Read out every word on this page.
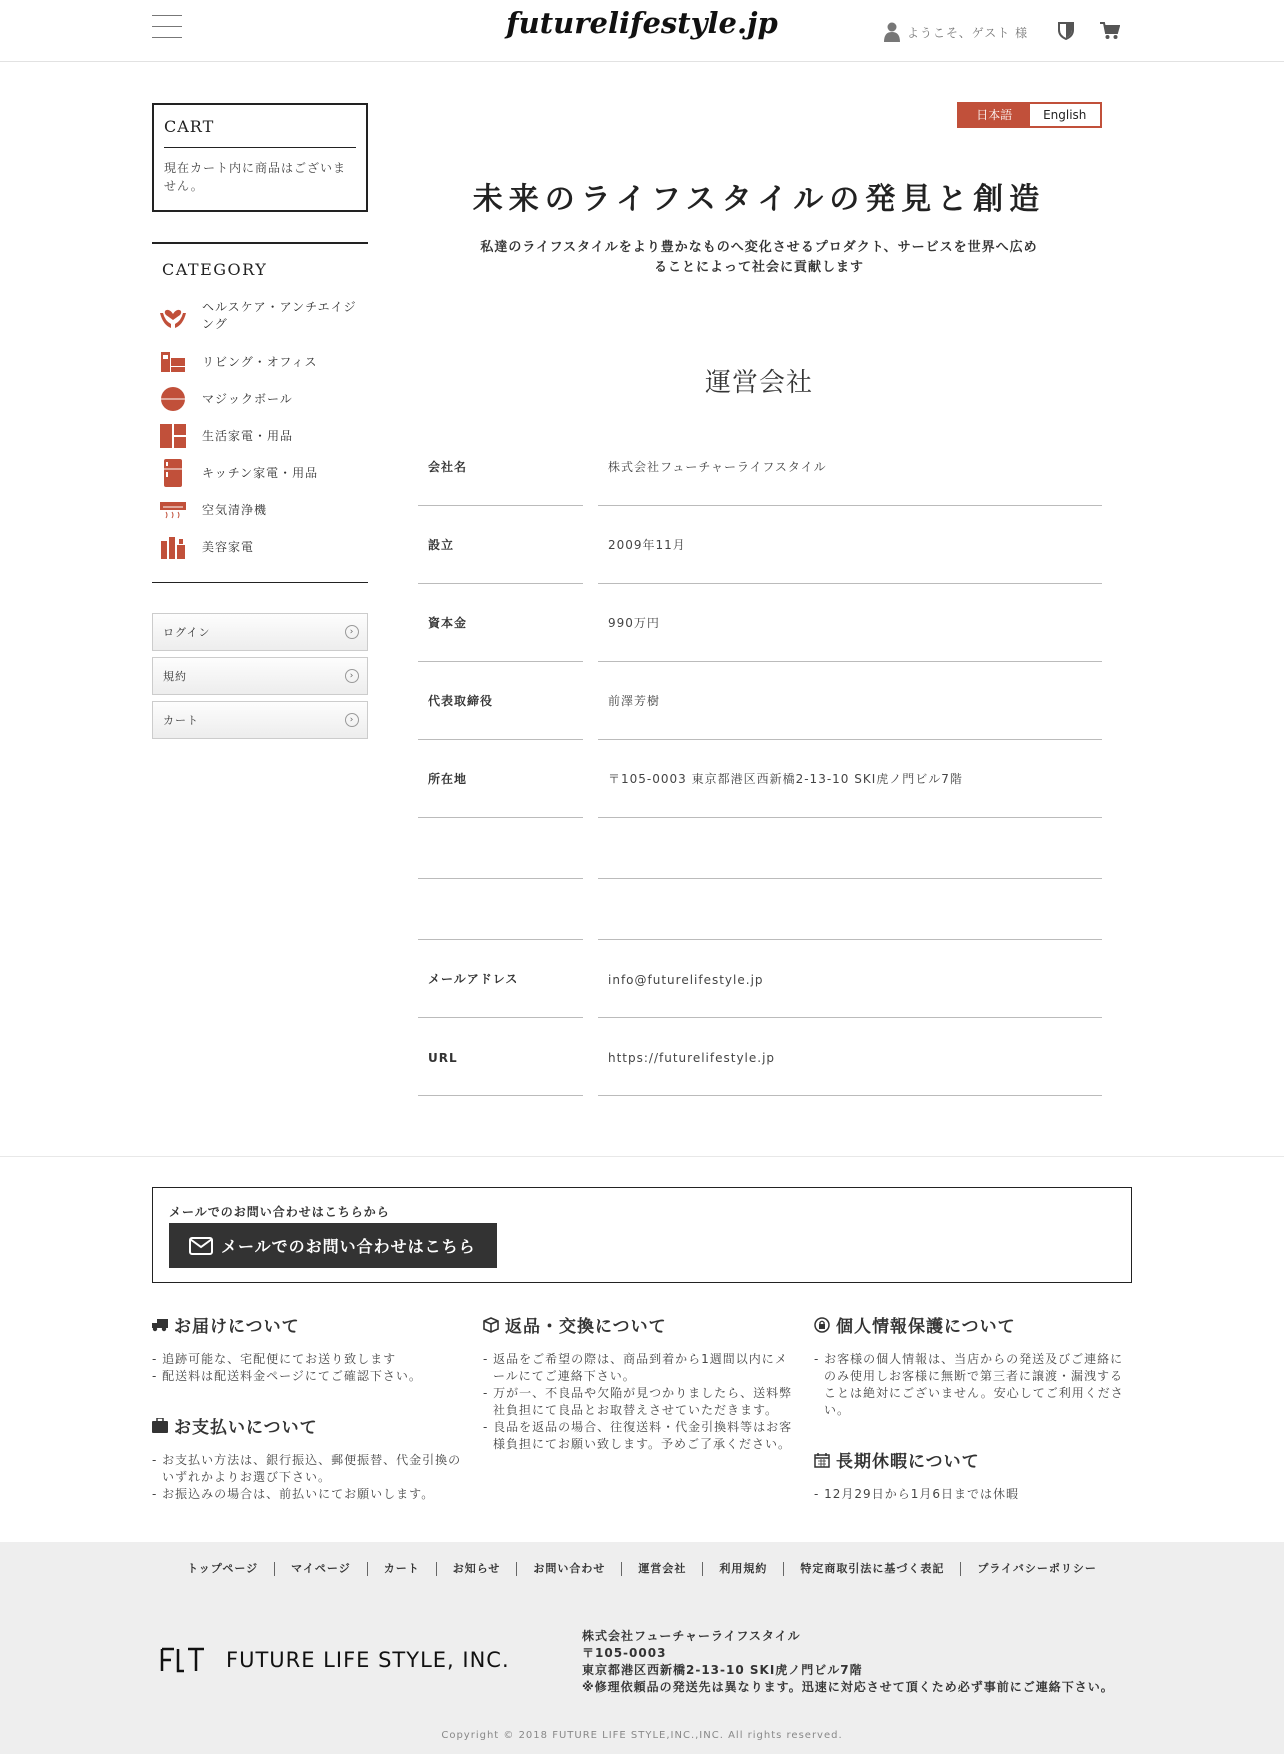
futurelifestyle.jp	ようこそ、ゲスト 様
CART
現在カート内に商品はございません。
CATEGORY
ヘルスケア・アンチエイジング
リビング・オフィス
マジックボール
生活家電・用品
キッチン家電・用品
空気清浄機
美容家電
ログイン	›
規約	›
カート	›
日本語	English
未来のライフスタイルの発見と創造
私達のライフスタイルをより豊かなものへ変化させるプロダクト、サービスを世界へ広めることによって社会に貢献します
運営会社
会社名	株式会社フューチャーライフスタイル
設立	2009年11月
資本金	990万円
代表取締役	前澤芳樹
所在地	〒105-0003 東京都港区西新橋2-13-10 SKI虎ノ門ビル7階
メールアドレス	info@futurelifestyle.jp
URL	https://futurelifestyle.jp
メールでのお問い合わせはこちらから
メールでのお問い合わせはこちら
お届けについて
- 追跡可能な、宅配便にてお送り致します
- 配送料は配送料金ページにてご確認下さい。
お支払いについて
- お支払い方法は、銀行振込、郵便振替、代金引換のいずれかよりお選び下さい。
- お振込みの場合は、前払いにてお願いします。
返品・交換について
- 返品をご希望の際は、商品到着から1週間以内にメールにてご連絡下さい。
- 万が一、不良品や欠陥が見つかりましたら、送料弊社負担にて良品とお取替えさせていただきます。
- 良品を返品の場合、往復送料・代金引換料等はお客様負担にてお願い致します。予めご了承ください。
個人情報保護について
- お客様の個人情報は、当店からの発送及びご連絡にのみ使用しお客様に無断で第三者に譲渡・漏洩することは絶対にございません。安心してご利用ください。
長期休暇について
- 12月29日から1月6日までは休暇
トップページ	マイページ	カート	お知らせ	お問い合わせ	運営会社	利用規約	特定商取引法に基づく表記	プライバシーポリシー
FUTURE LIFE STYLE, INC.
株式会社フューチャーライフスタイル
〒105-0003
東京都港区西新橋2-13-10 SKI虎ノ門ビル7階
※修理依頼品の発送先は異なります。迅速に対応させて頂くため必ず事前にご連絡下さい。
Copyright © 2018 FUTURE LIFE STYLE,INC.,INC. All rights reserved.
